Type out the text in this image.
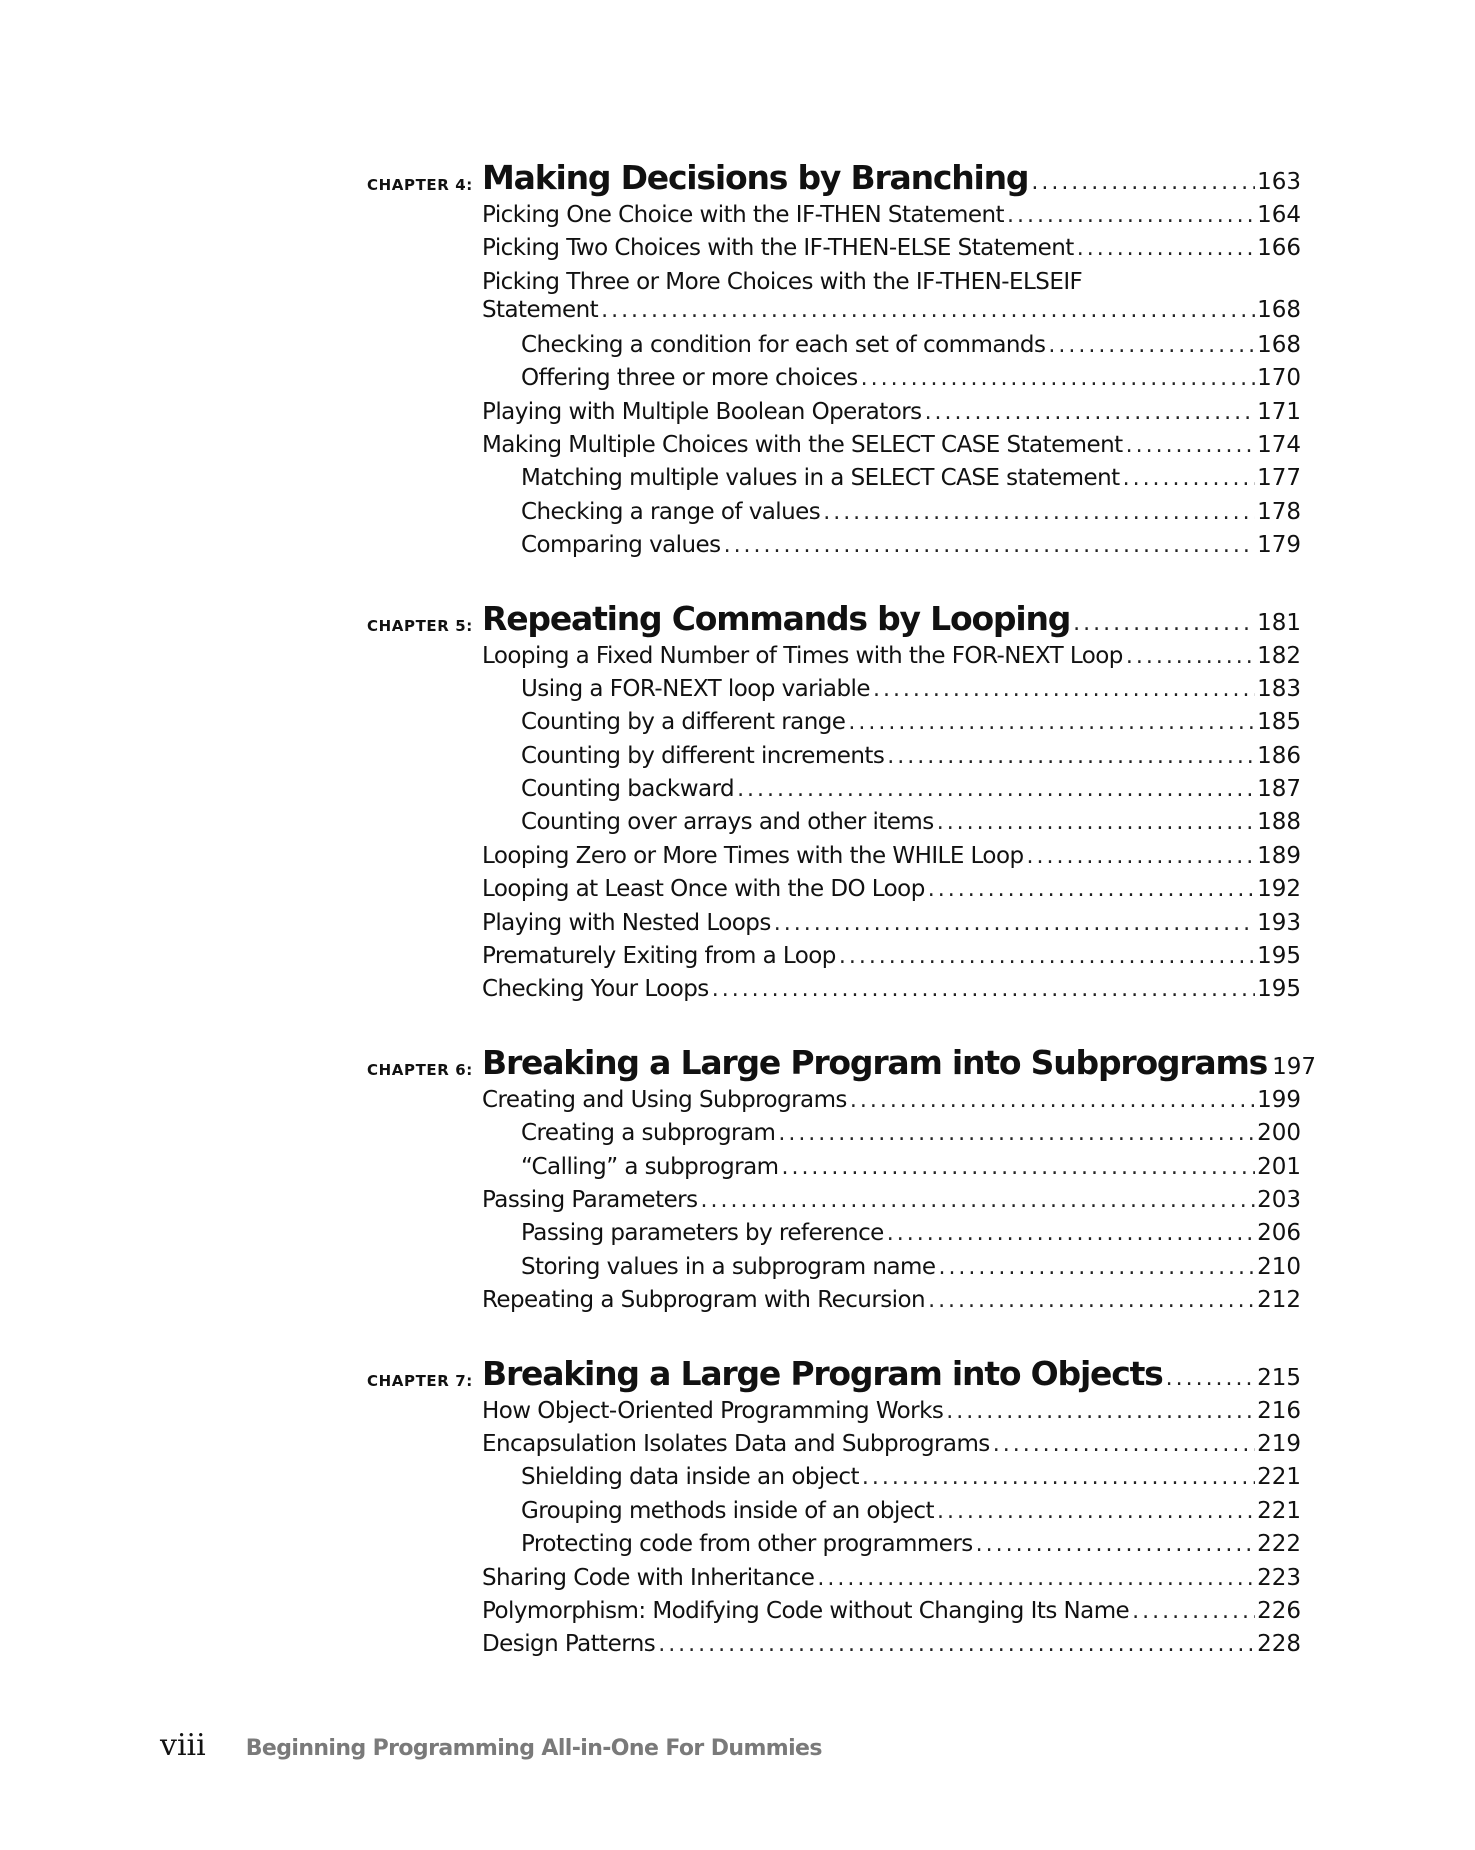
CHAPTER 4: Making Decisions by Branching . . .	163
Picking One Choice with the IF-THEN Statement . . .	164
Picking Two Choices with the IF-THEN-ELSE Statement . . .	166
Picking Three or More Choices with the IF-THEN-ELSEIF
Statement . . .	168
Checking a condition for each set of commands . . .	168
Offering three or more choices . . .	170
Playing with Multiple Boolean Operators . . .	171
Making Multiple Choices with the SELECT CASE Statement . . .	174
Matching multiple values in a SELECT CASE statement . . .	177
Checking a range of values . . .	178
Comparing values . . .	179
CHAPTER 5: Repeating Commands by Looping . . .	181
Looping a Fixed Number of Times with the FOR-NEXT Loop . . .	182
Using a FOR-NEXT loop variable . . .	183
Counting by a different range . . .	185
Counting by different increments . . .	186
Counting backward . . .	187
Counting over arrays and other items . . .	188
Looping Zero or More Times with the WHILE Loop . . .	189
Looping at Least Once with the DO Loop . . .	192
Playing with Nested Loops . . .	193
Prematurely Exiting from a Loop . . .	195
Checking Your Loops . . .	195
CHAPTER 6: Breaking a Large Program into Subprograms 197
Creating and Using Subprograms . . .	199
Creating a subprogram . . .	200
“Calling” a subprogram . . .	201
Passing Parameters . . .	203
Passing parameters by reference . . .	206
Storing values in a subprogram name . . .	210
Repeating a Subprogram with Recursion . . .	212
CHAPTER 7: Breaking a Large Program into Objects . . .	215
How Object-Oriented Programming Works . . .	216
Encapsulation Isolates Data and Subprograms . . .	219
Shielding data inside an object . . .	221
Grouping methods inside of an object . . .	221
Protecting code from other programmers . . .	222
Sharing Code with Inheritance . . .	223
Polymorphism: Modifying Code without Changing Its Name . . .	226
Design Patterns . . .	228
viii Beginning Programming All-in-One For Dummies
